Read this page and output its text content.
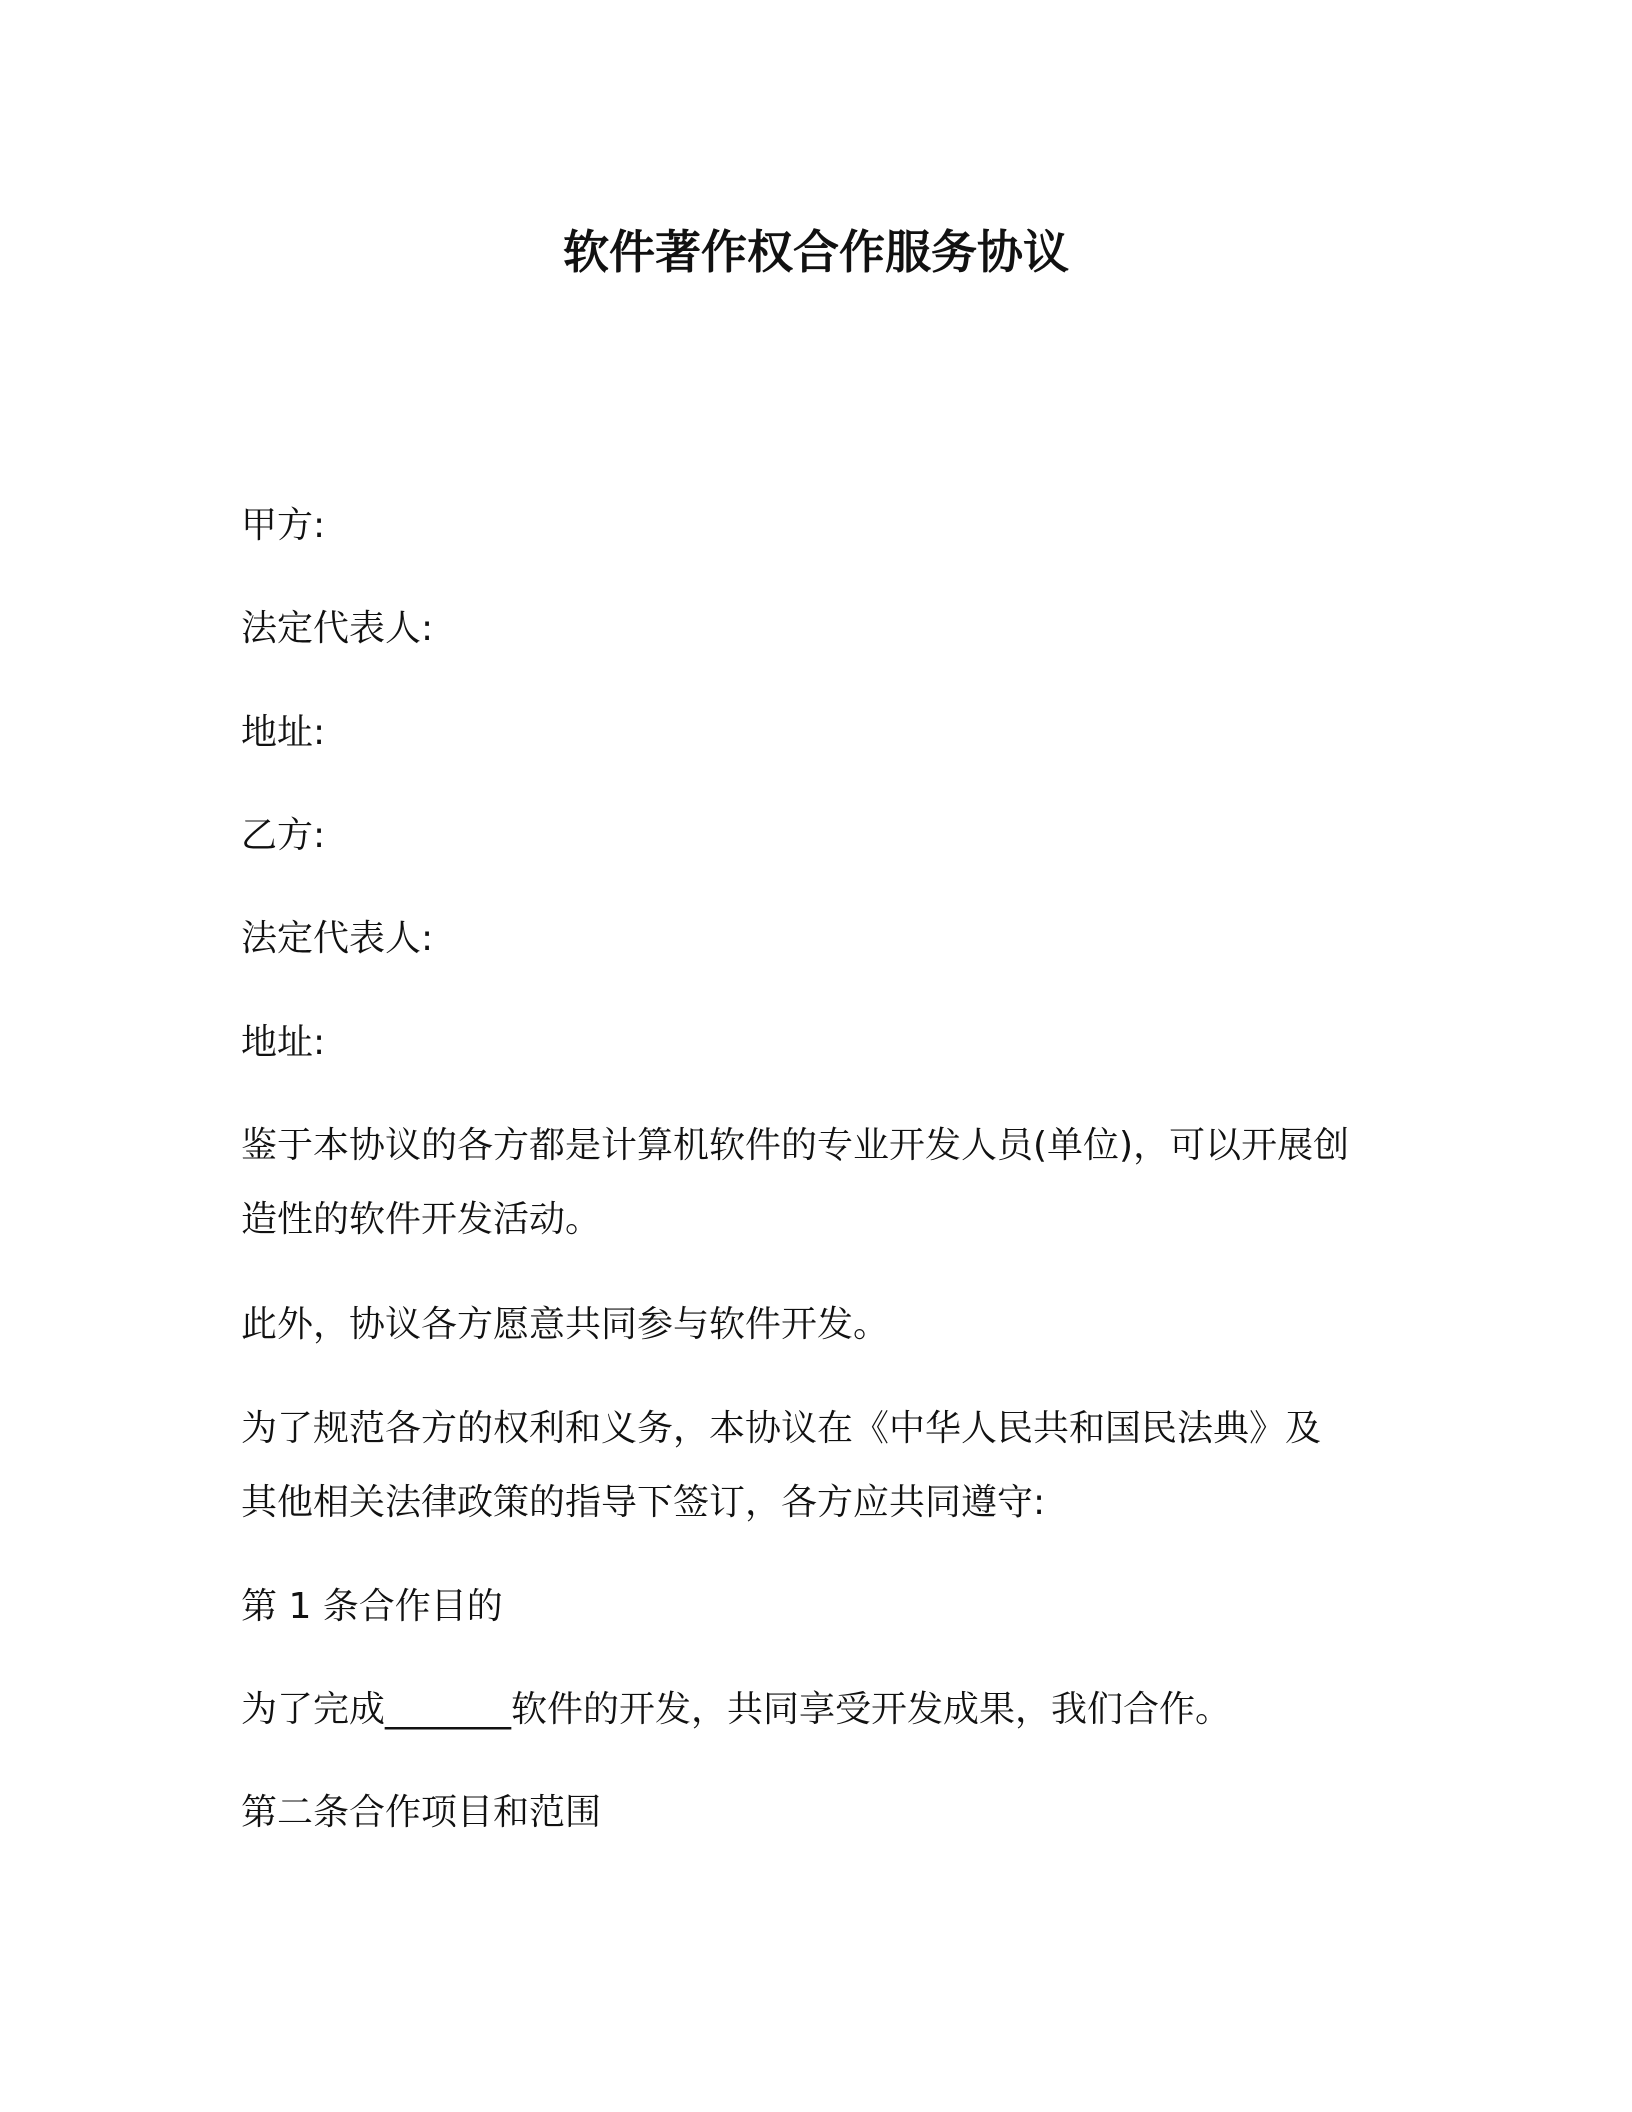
软件著作权合作服务协议
甲方:
法定代表人:
地址:
乙方:
法定代表人:
地址:
鉴于本协议的各方都是计算机软件的专业开发人员(单位)，可以开展创
造性的软件开发活动。
此外，协议各方愿意共同参与软件开发。
为了规范各方的权利和义务，本协议在《中华人民共和国民法典》及
其他相关法律政策的指导下签订，各方应共同遵守:
第 1 条合作目的
为了完成_______软件的开发，共同享受开发成果，我们合作。
第二条合作项目和范围
